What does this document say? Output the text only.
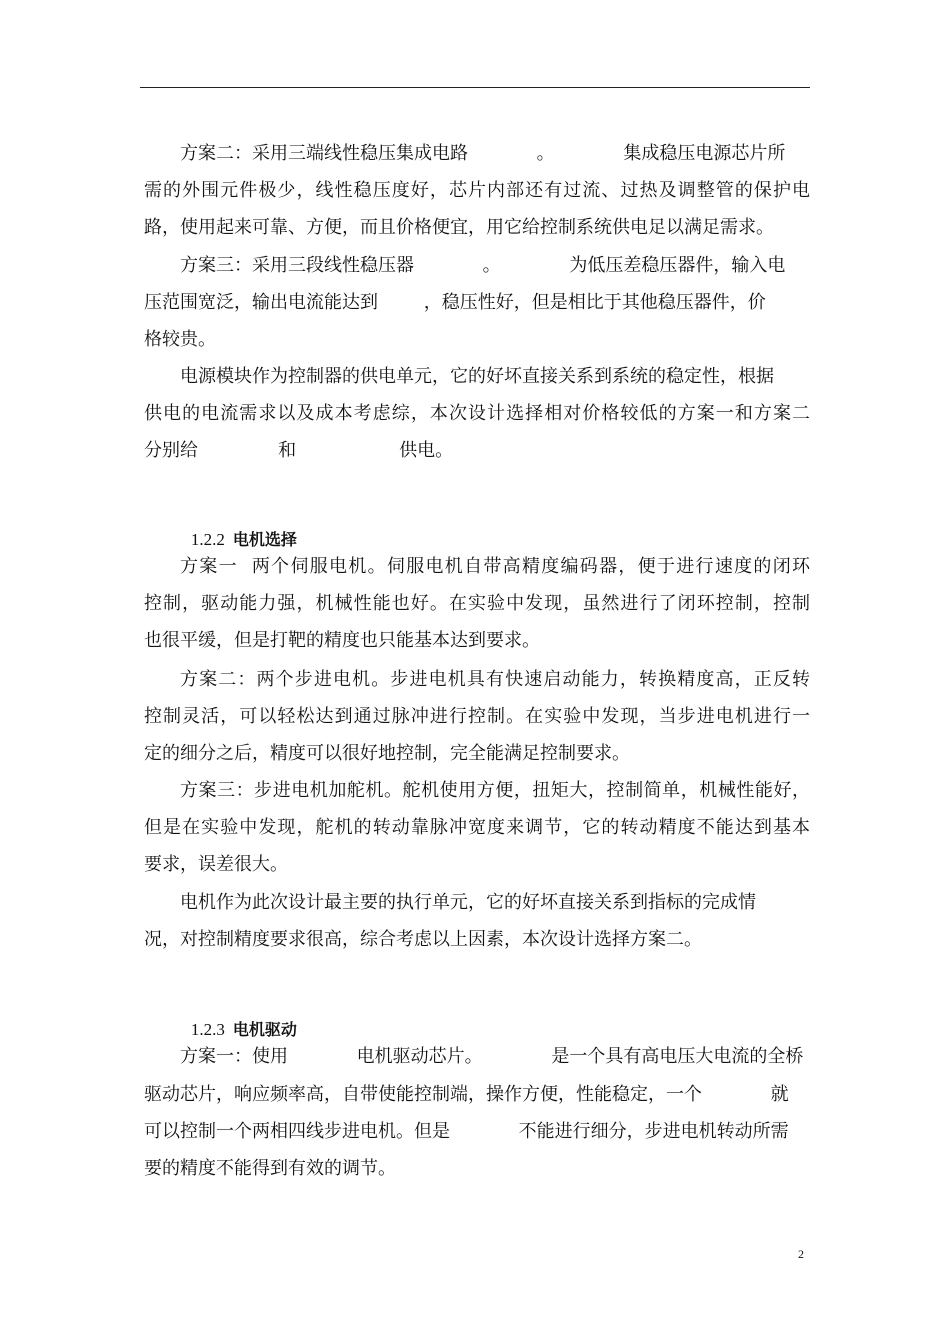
方案二：采用三端线性稳压集成电路            。            集成稳压电源芯片所
需的外围元件极少，线性稳压度好，芯片内部还有过流、过热及调整管的保护电
路，使用起来可靠、方便，而且价格便宜，用它给控制系统供电足以满足需求。
方案三：采用三段线性稳压器            。            为低压差稳压器件，输入电
压范围宽泛，输出电流能达到        ，稳压性好，但是相比于其他稳压器件，价
格较贵。
电源模块作为控制器的供电单元，它的好坏直接关系到系统的稳定性，根据
供电的电流需求以及成本考虑综，本次设计选择相对价格较低的方案一和方案二
分别给              和                  供电。

1.2.2 电机选择

方案一  两个伺服电机。伺服电机自带高精度编码器，便于进行速度的闭环
控制，驱动能力强，机械性能也好。在实验中发现，虽然进行了闭环控制，控制
也很平缓，但是打靶的精度也只能基本达到要求。
方案二：两个步进电机。步进电机具有快速启动能力，转换精度高，正反转
控制灵活，可以轻松达到通过脉冲进行控制。在实验中发现，当步进电机进行一
定的细分之后，精度可以很好地控制，完全能满足控制要求。
方案三：步进电机加舵机。舵机使用方便，扭矩大，控制简单，机械性能好，
但是在实验中发现，舵机的转动靠脉冲宽度来调节，它的转动精度不能达到基本
要求，误差很大。
电机作为此次设计最主要的执行单元，它的好坏直接关系到指标的完成情
况，对控制精度要求很高，综合考虑以上因素，本次设计选择方案二。

1.2.3 电机驱动

方案一：使用            电机驱动芯片。            是一个具有高电压大电流的全桥
驱动芯片，响应频率高，自带使能控制端，操作方便，性能稳定，一个            就
可以控制一个两相四线步进电机。但是            不能进行细分，步进电机转动所需
要的精度不能得到有效的调节。
2
